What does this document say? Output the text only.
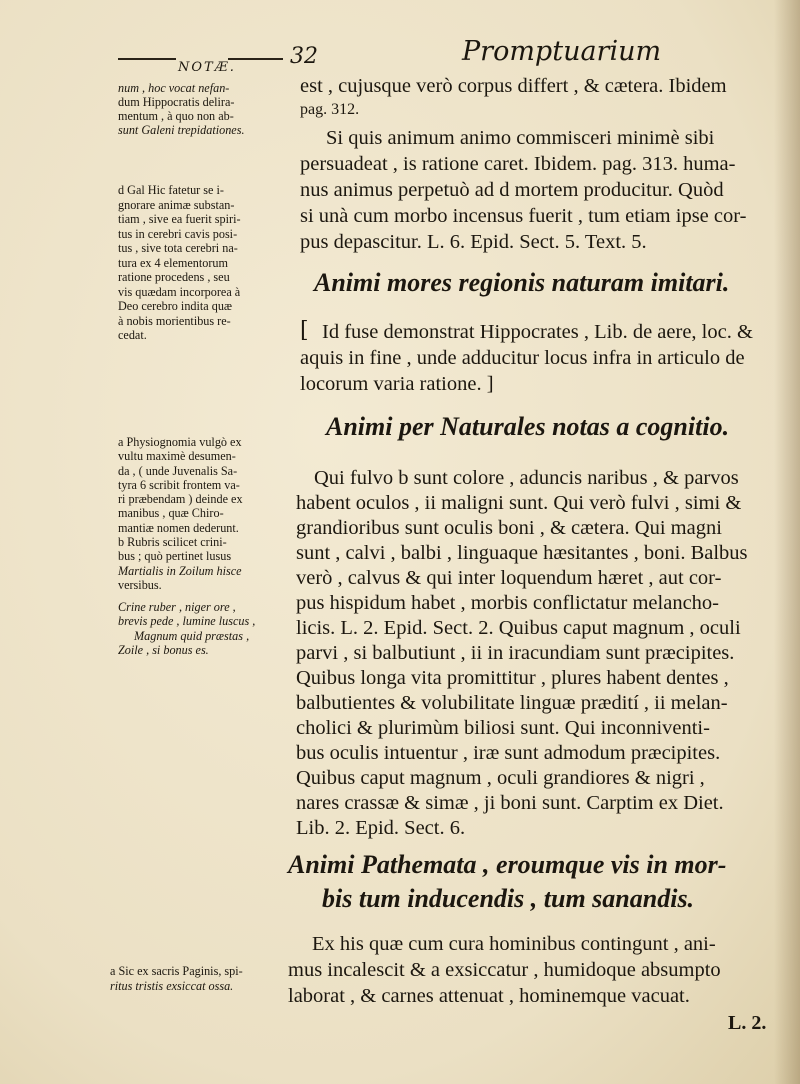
NOTÆ. 32	Promptuarium
num , hoc vocat nefan-
dum Hippocratis delira-
mentum , à quo non ab-
sunt Galeni trepidationes.
d Gal Hic fatetur se i-
gnorare animæ substan-
tiam , sive ea fuerit spiri-
tus in cerebri cavis posi-
tus , sive tota cerebri na-
tura ex 4 elementorum
ratione procedens , seu
vis quædam incorporea à
Deo cerebro indita quæ
à nobis morientibus re-
cedat.
a Physiognomia vulgò ex
vultu maximè desumen-
da , ( unde Juvenalis Sa-
tyra 6 scribit frontem va-
ri præbendam ) deinde ex
manibus , quæ Chiro-
mantiæ nomen dederunt.
b Rubris scilicet crini-
bus ; quò pertinet lusus
Martialis in Zoilum hisce
versibus.
Crine ruber , niger ore ,
brevis pede , lumine luscus ,
Magnum quid præstas ,
Zoile , si bonus es.
a Sic ex sacris Paginis, spi-
ritus tristis exsiccat ossa.
est , cujusque verò corpus differt , & cætera. Ibidem
pag. 312.
Si quis animum animo commisceri minimè sibi
persuadeat , is ratione caret. Ibidem. pag. 313. huma-
nus animus perpetuò ad d mortem producitur. Quòd
si unà cum morbo incensus fuerit , tum etiam ipse cor-
pus depascitur. L. 6. Epid. Sect. 5. Text. 5.
Animi mores regionis naturam imitari.
[ Id fuse demonstrat Hippocrates , Lib. de aere, loc. &
aquis in fine , unde adducitur locus infra in articulo de
locorum varia ratione. ]
Animi per Naturales notas a cognitio.
Qui fulvo b sunt colore , aduncis naribus , & parvos
habent oculos , ii maligni sunt. Qui verò fulvi , simi &
grandioribus sunt oculis boni , & cætera. Qui magni
sunt , calvi , balbi , linguaque hæsitantes , boni. Balbus
verò , calvus & qui inter loquendum hæret , aut cor-
pus hispidum habet , morbis conflictatur melancho-
licis. L. 2. Epid. Sect. 2. Quibus caput magnum , oculi
parvi , si balbutiunt , ii in iracundiam sunt præcipites.
Quibus longa vita promittitur , plures habent dentes ,
balbutientes & volubilitate linguæ prædití , ii melan-
cholici & plurimùm biliosi sunt. Qui inconniventi-
bus oculis intuentur , iræ sunt admodum præcipites.
Quibus caput magnum , oculi grandiores & nigri ,
nares crassæ & simæ , ji boni sunt. Carptim ex Diet.
Lib. 2. Epid. Sect. 6.
Animi Pathemata , eroumque vis in mor-
bis tum inducendis , tum sanandis.
Ex his quæ cum cura hominibus contingunt , ani-
mus incalescit & a exsiccatur , humidoque absumpto
laborat , & carnes attenuat , hominemque vacuat.
L. 2.
